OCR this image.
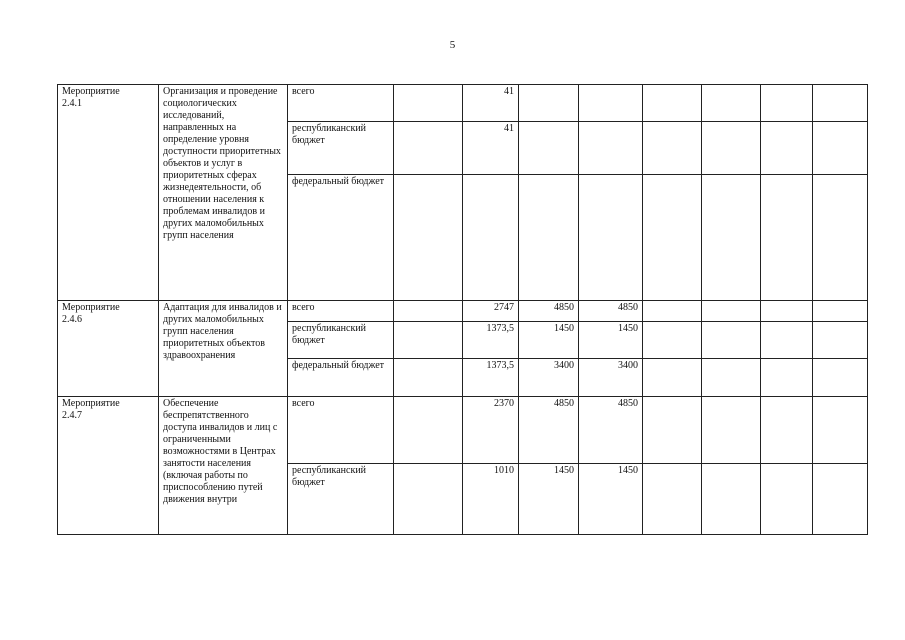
5
Мероприятие
2.4.1	Организация и проведение социологических исследований, направленных на определение уровня доступности приоритетных объектов и услуг в приоритетных сферах жизнедеятельности, об отношении населения к проблемам инвалидов и других маломобильных групп населения	всего		41						
		республиканский бюджет		41						
		федеральный бюджет								

Мероприятие
2.4.6	Адаптация для инвалидов и других маломобильных групп населения приоритетных объектов здравоохранения	всего		2747	4850	4850				
		республиканский бюджет		1373,5	1450	1450				
		федеральный бюджет		1373,5	3400	3400				

Мероприятие
2.4.7	Обеспечение беспрепятственного доступа инвалидов и лиц с ограниченными возможностями в Центрах занятости населения (включая работы по приспособлению путей движения внутри	всего		2370	4850	4850				
		республиканский бюджет		1010	1450	1450				
